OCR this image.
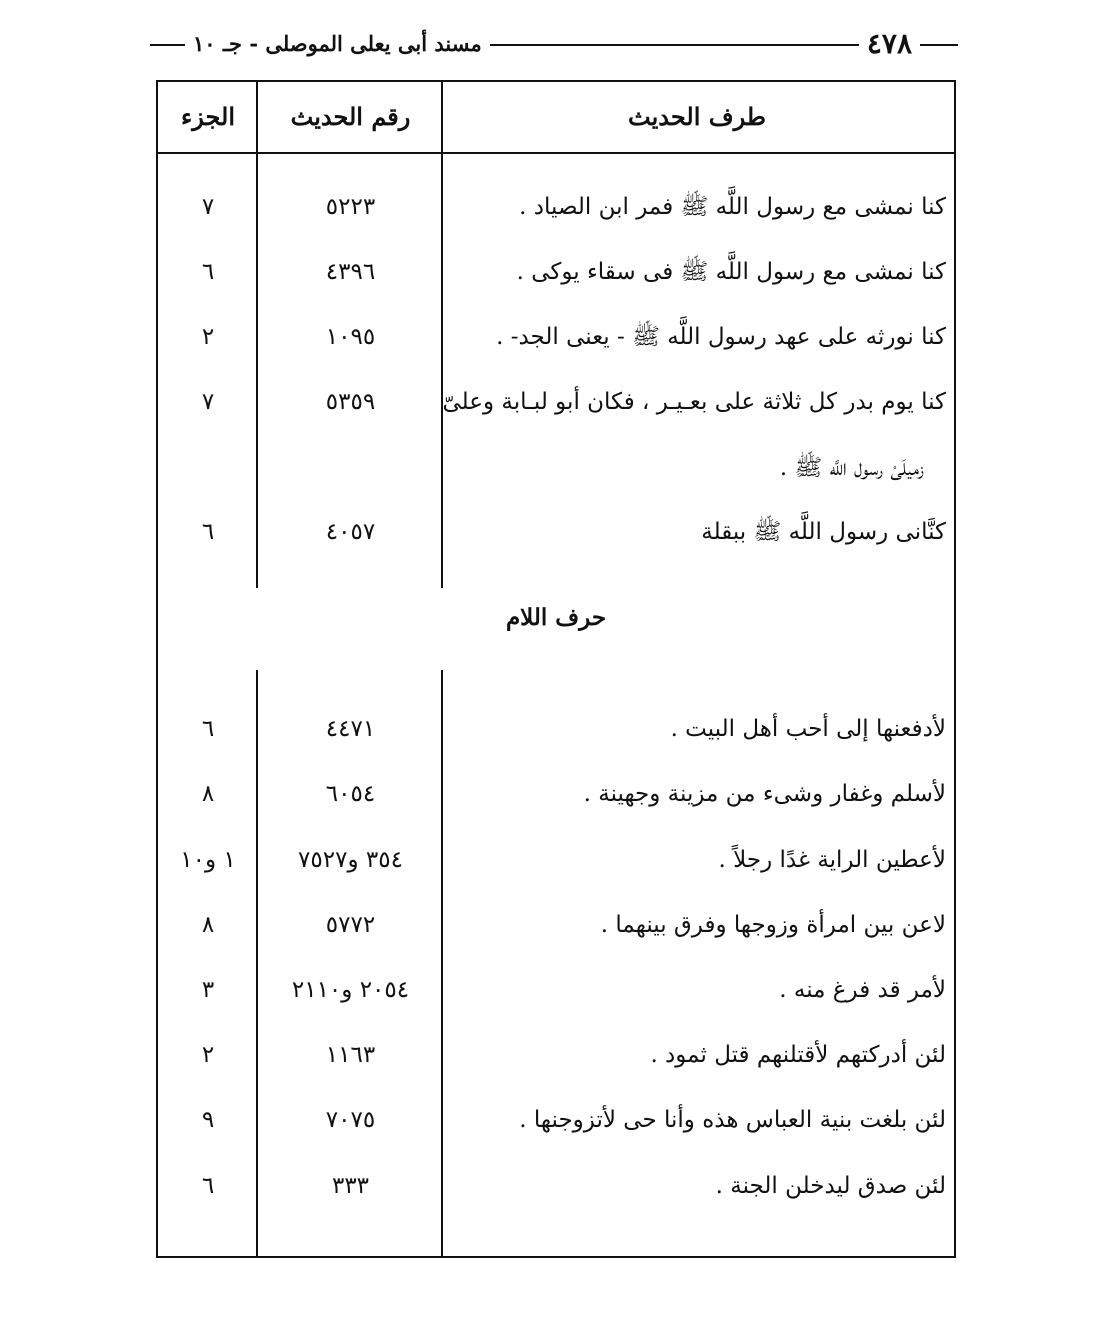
٤٧٨
مسند أبى يعلى الموصلى - جـ ١٠
طرف الحديث
رقم الحديث
الجزء
كنا نمشى مع رسول اللَّه ﷺ فمر ابن الصياد .
٥٢٢٣
٧
كنا نمشى مع رسول اللَّه ﷺ فى سقاء يوكى .
٤٣٩٦
٦
كنا نورثه على عهد رسول اللَّه ﷺ - يعنى الجد- .
١٠٩٥
٢
كنا يوم بدر كل ثلاثة على بعـيـر ، فكان أبو لبـابة وعلىّ
٥٣٥٩
٧
زميلَىْ رسول اللَّه ﷺ .
كنَّانى رسول اللَّه ﷺ ببقلة
٤٠٥٧
٦
حرف اللام
لأدفعنها إلى أحب أهل البيت .
٤٤٧١
٦
لأسلم وغفار وشىء من مزينة وجهينة .
٦٠٥٤
٨
لأعطين الراية غدًا رجلاً .
٣٥٤ و٧٥٢٧
١ و١٠
لاعن بين امرأة وزوجها وفرق بينهما .
٥٧٧٢
٨
لأمر قد فرغ منه .
٢٠٥٤ و٢١١٠
٣
لئن أدركتهم لأقتلنهم قتل ثمود .
١١٦٣
٢
لئن بلغت بنية العباس هذه وأنا حى لأتزوجنها .
٧٠٧٥
٩
لئن صدق ليدخلن الجنة .
٣٣٣
٦
